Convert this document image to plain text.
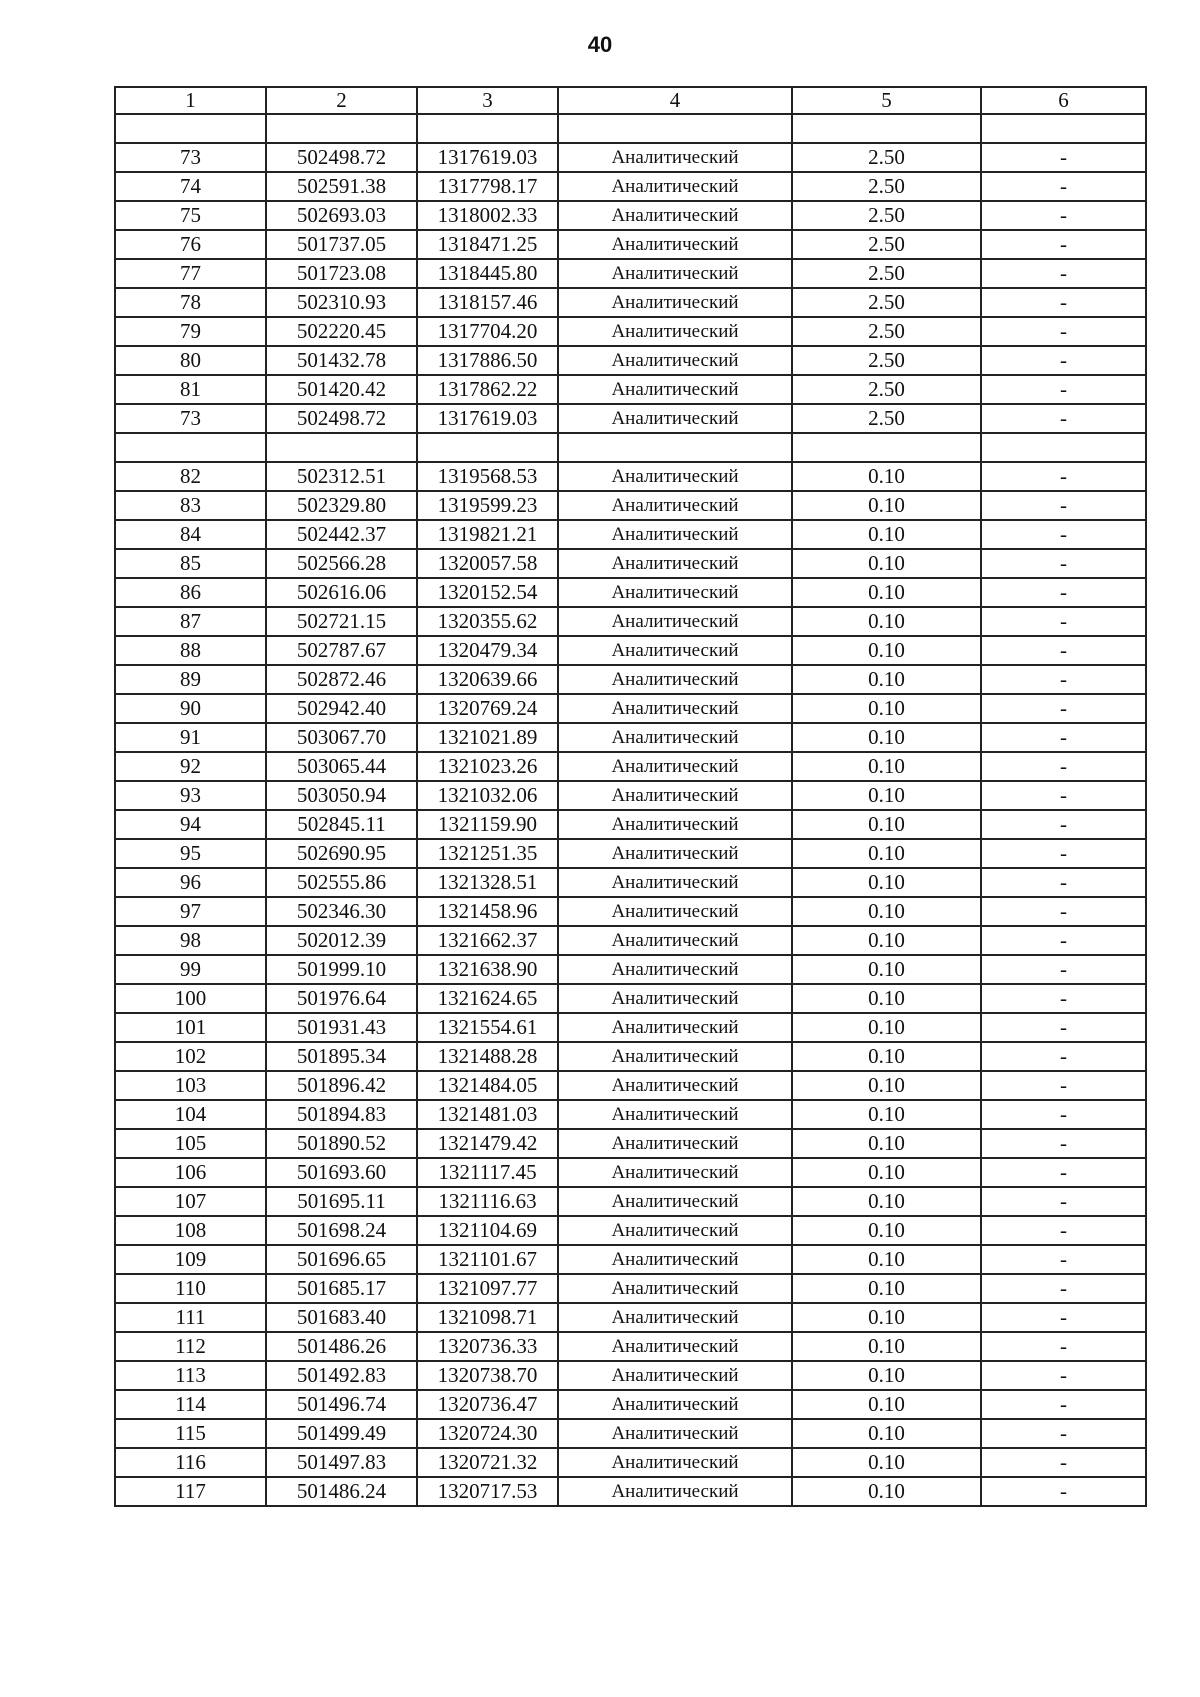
40
1	2	3	4	5	6

73	502498.72	1317619.03	Аналитический	2.50	-
74	502591.38	1317798.17	Аналитический	2.50	-
75	502693.03	1318002.33	Аналитический	2.50	-
76	501737.05	1318471.25	Аналитический	2.50	-
77	501723.08	1318445.80	Аналитический	2.50	-
78	502310.93	1318157.46	Аналитический	2.50	-
79	502220.45	1317704.20	Аналитический	2.50	-
80	501432.78	1317886.50	Аналитический	2.50	-
81	501420.42	1317862.22	Аналитический	2.50	-
73	502498.72	1317619.03	Аналитический	2.50	-

82	502312.51	1319568.53	Аналитический	0.10	-
83	502329.80	1319599.23	Аналитический	0.10	-
84	502442.37	1319821.21	Аналитический	0.10	-
85	502566.28	1320057.58	Аналитический	0.10	-
86	502616.06	1320152.54	Аналитический	0.10	-
87	502721.15	1320355.62	Аналитический	0.10	-
88	502787.67	1320479.34	Аналитический	0.10	-
89	502872.46	1320639.66	Аналитический	0.10	-
90	502942.40	1320769.24	Аналитический	0.10	-
91	503067.70	1321021.89	Аналитический	0.10	-
92	503065.44	1321023.26	Аналитический	0.10	-
93	503050.94	1321032.06	Аналитический	0.10	-
94	502845.11	1321159.90	Аналитический	0.10	-
95	502690.95	1321251.35	Аналитический	0.10	-
96	502555.86	1321328.51	Аналитический	0.10	-
97	502346.30	1321458.96	Аналитический	0.10	-
98	502012.39	1321662.37	Аналитический	0.10	-
99	501999.10	1321638.90	Аналитический	0.10	-
100	501976.64	1321624.65	Аналитический	0.10	-
101	501931.43	1321554.61	Аналитический	0.10	-
102	501895.34	1321488.28	Аналитический	0.10	-
103	501896.42	1321484.05	Аналитический	0.10	-
104	501894.83	1321481.03	Аналитический	0.10	-
105	501890.52	1321479.42	Аналитический	0.10	-
106	501693.60	1321117.45	Аналитический	0.10	-
107	501695.11	1321116.63	Аналитический	0.10	-
108	501698.24	1321104.69	Аналитический	0.10	-
109	501696.65	1321101.67	Аналитический	0.10	-
110	501685.17	1321097.77	Аналитический	0.10	-
111	501683.40	1321098.71	Аналитический	0.10	-
112	501486.26	1320736.33	Аналитический	0.10	-
113	501492.83	1320738.70	Аналитический	0.10	-
114	501496.74	1320736.47	Аналитический	0.10	-
115	501499.49	1320724.30	Аналитический	0.10	-
116	501497.83	1320721.32	Аналитический	0.10	-
117	501486.24	1320717.53	Аналитический	0.10	-
